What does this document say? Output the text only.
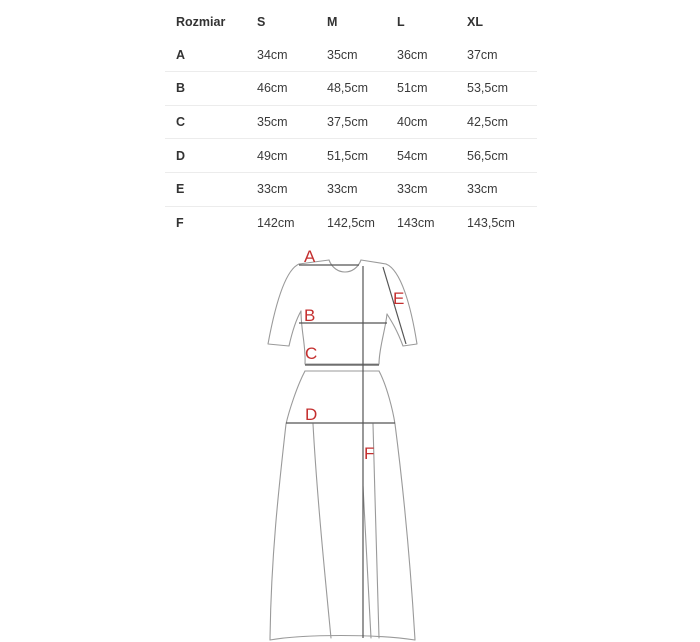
Rozmiar	S	M	L	XL
A	34cm	35cm	36cm	37cm
B	46cm	48,5cm	51cm	53,5cm
C	35cm	37,5cm	40cm	42,5cm
D	49cm	51,5cm	54cm	56,5cm
E	33cm	33cm	33cm	33cm
F	142cm	142,5cm	143cm	143,5cm
A
B
C
D
E
F
